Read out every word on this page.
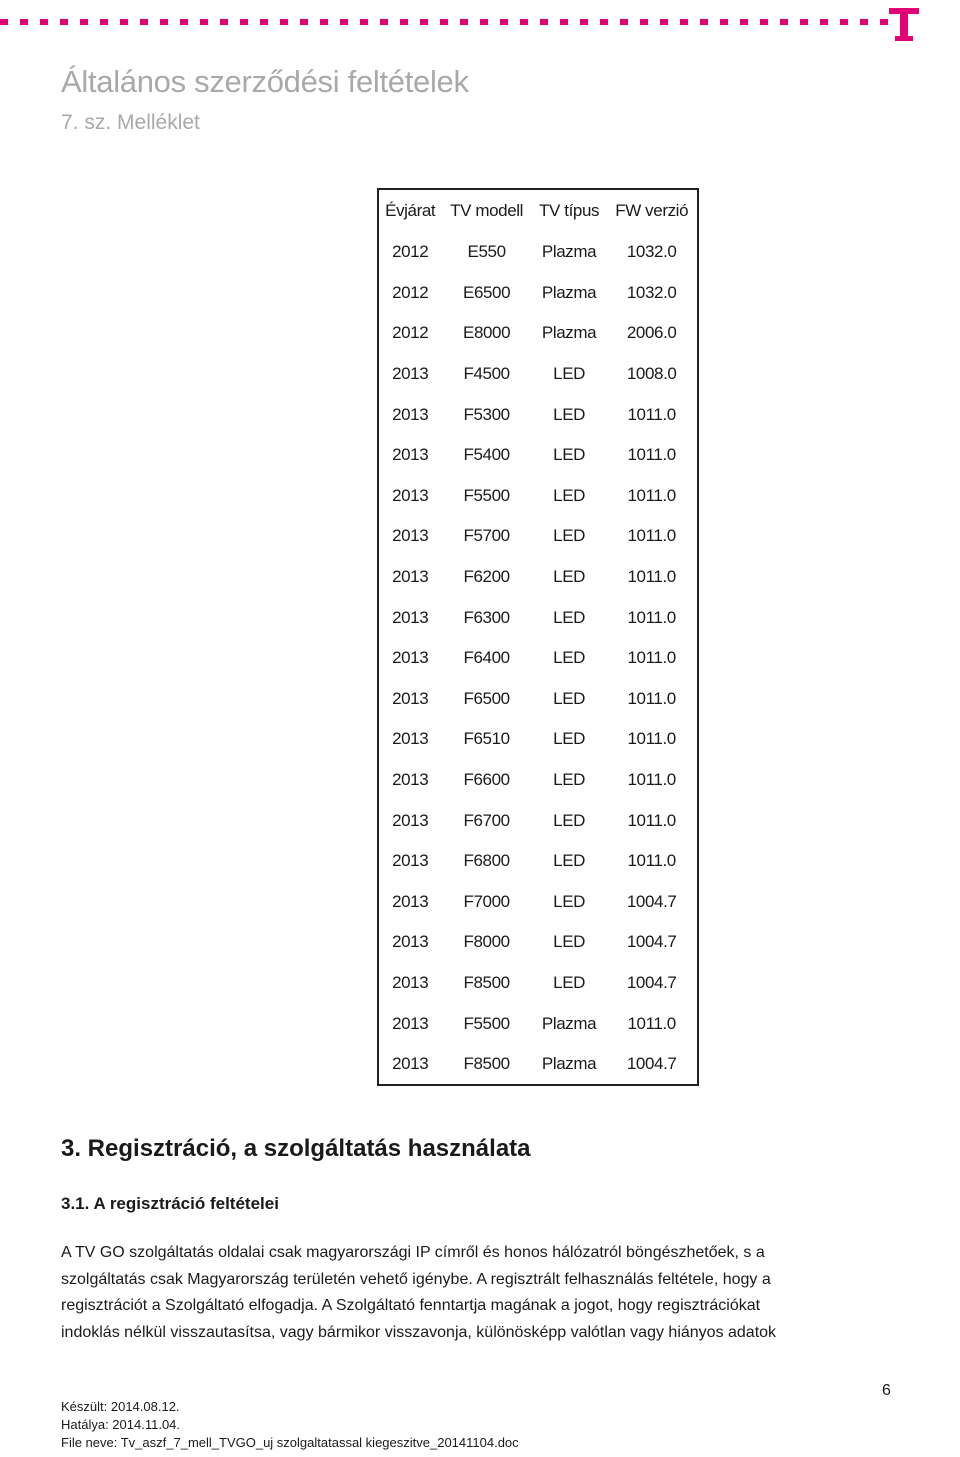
Általános szerződési feltételek
7. sz. Melléklet
Évjárat	TV modell	TV típus	FW verzió
2012	E550	Plazma	1032.0
2012	E6500	Plazma	1032.0
2012	E8000	Plazma	2006.0
2013	F4500	LED	1008.0
2013	F5300	LED	1011.0
2013	F5400	LED	1011.0
2013	F5500	LED	1011.0
2013	F5700	LED	1011.0
2013	F6200	LED	1011.0
2013	F6300	LED	1011.0
2013	F6400	LED	1011.0
2013	F6500	LED	1011.0
2013	F6510	LED	1011.0
2013	F6600	LED	1011.0
2013	F6700	LED	1011.0
2013	F6800	LED	1011.0
2013	F7000	LED	1004.7
2013	F8000	LED	1004.7
2013	F8500	LED	1004.7
2013	F5500	Plazma	1011.0
2013	F8500	Plazma	1004.7
3. Regisztráció, a szolgáltatás használata
3.1. A regisztráció feltételei
A TV GO szolgáltatás oldalai csak magyarországi IP címről és honos hálózatról böngészhetőek, s a
szolgáltatás csak Magyarország területén vehető igénybe. A regisztrált felhasználás feltétele, hogy a
regisztrációt a Szolgáltató elfogadja. A Szolgáltató fenntartja magának a jogot, hogy regisztrációkat
indoklás nélkül visszautasítsa, vagy bármikor visszavonja, különösképp valótlan vagy hiányos adatok
6
Készült: 2014.08.12.
Hatálya: 2014.11.04.
File neve: Tv_aszf_7_mell_TVGO_uj szolgaltatassal kiegeszitve_20141104.doc
